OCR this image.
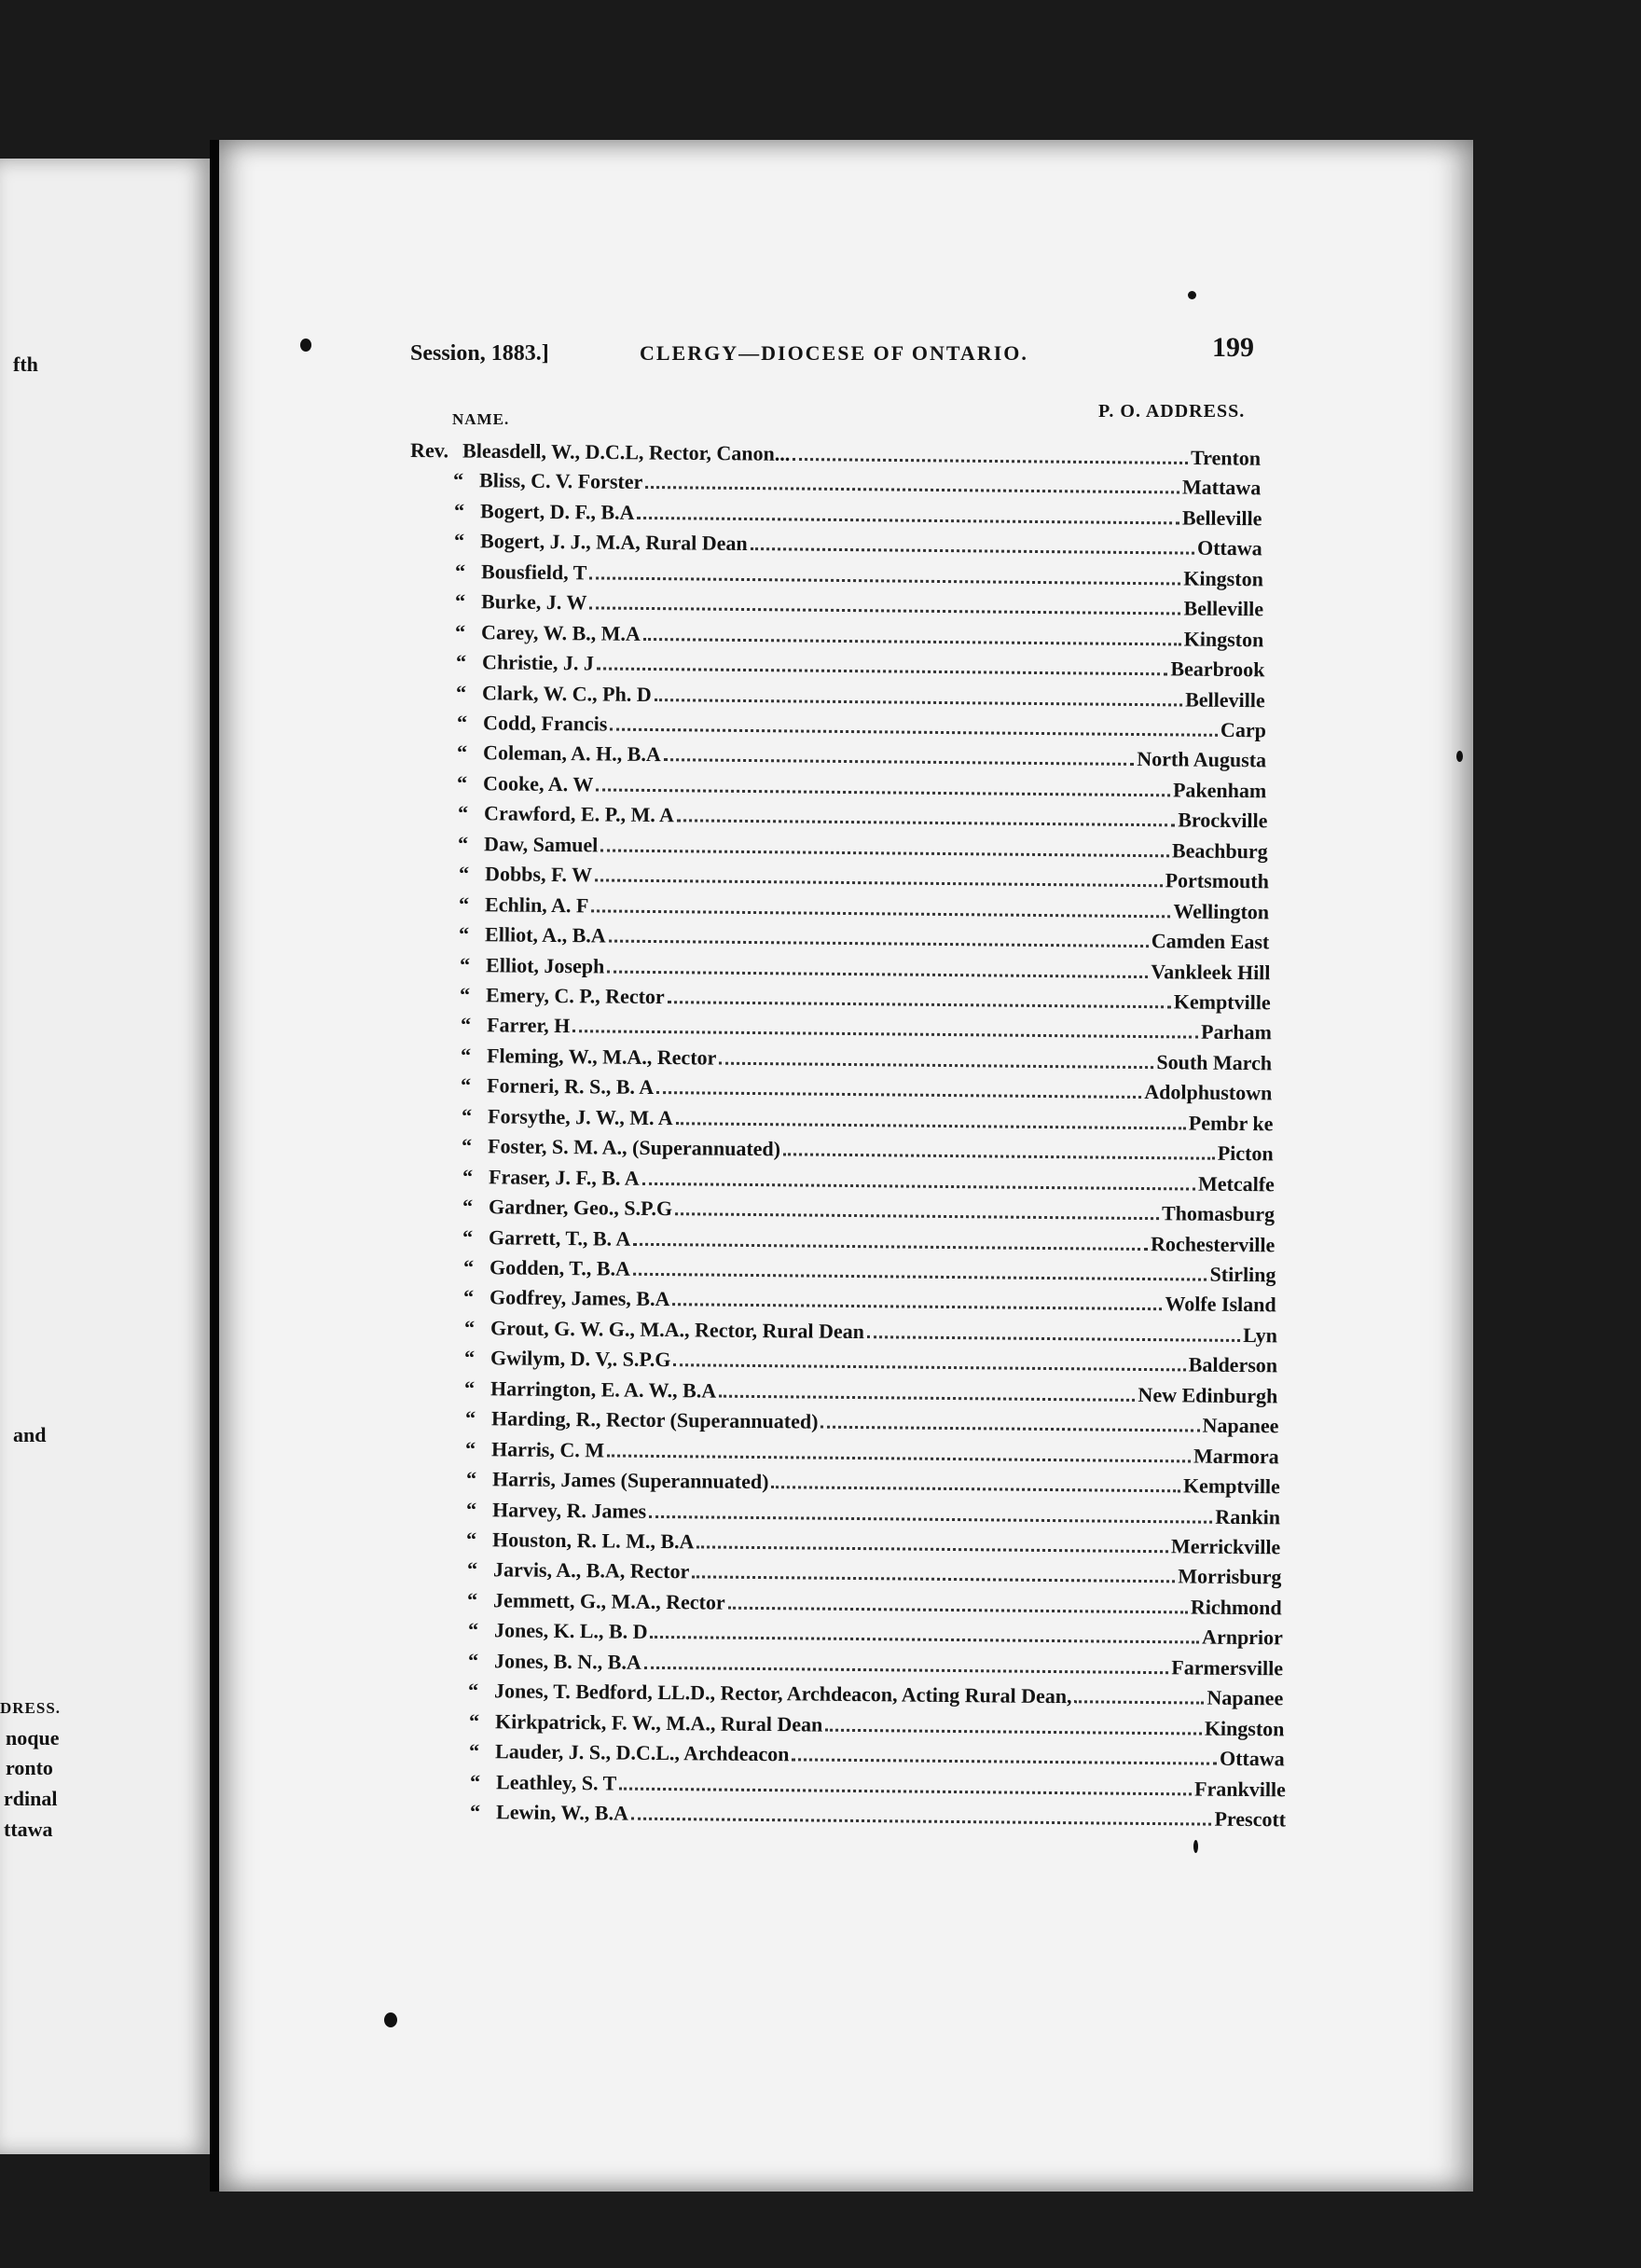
fth
and
DRESS.
noque
ronto
rdinal
ttawa
Session, 1883.]	CLERGY—DIOCESE OF ONTARIO.	199
NAME.	P. O. ADDRESS.
Rev. Bleasdell, W., D.C.L, Rector, Canon...	Trenton
“ Bliss, C. V. Forster	Mattawa
“ Bogert, D. F., B.A	Belleville
“ Bogert, J. J., M.A, Rural Dean	Ottawa
“ Bousfield, T	Kingston
“ Burke, J. W	Belleville
“ Carey, W. B., M.A	Kingston
“ Christie, J. J	Bearbrook
“ Clark, W. C., Ph. D	Belleville
“ Codd, Francis	Carp
“ Coleman, A. H., B.A	North Augusta
“ Cooke, A. W	Pakenham
“ Crawford, E. P., M. A	Brockville
“ Daw, Samuel	Beachburg
“ Dobbs, F. W	Portsmouth
“ Echlin, A. F	Wellington
“ Elliot, A., B.A	Camden East
“ Elliot, Joseph	Vankleek Hill
“ Emery, C. P., Rector	Kemptville
“ Farrer, H	Parham
“ Fleming, W., M.A., Rector	South March
“ Forneri, R. S., B. A	Adolphustown
“ Forsythe, J. W., M. A	Pembr ke
“ Foster, S. M. A., (Superannuated)	Picton
“ Fraser, J. F., B. A	Metcalfe
“ Gardner, Geo., S.P.G	Thomasburg
“ Garrett, T., B. A	Rochesterville
“ Godden, T., B.A	Stirling
“ Godfrey, James, B.A	Wolfe Island
“ Grout, G. W. G., M.A., Rector, Rural Dean	Lyn
“ Gwilym, D. V,. S.P.G	Balderson
“ Harrington, E. A. W., B.A	New Edinburgh
“ Harding, R., Rector (Superannuated)	Napanee
“ Harris, C. M	Marmora
“ Harris, James (Superannuated)	Kemptville
“ Harvey, R. James	Rankin
“ Houston, R. L. M., B.A	Merrickville
“ Jarvis, A., B.A, Rector	Morrisburg
“ Jemmett, G., M.A., Rector	Richmond
“ Jones, K. L., B. D	Arnprior
“ Jones, B. N., B.A	Farmersville
“ Jones, T. Bedford, LL.D., Rector, Archdeacon, Acting Rural Dean,	Napanee
“ Kirkpatrick, F. W., M.A., Rural Dean	Kingston
“ Lauder, J. S., D.C.L., Archdeacon	Ottawa
“ Leathley, S. T	Frankville
“ Lewin, W., B.A	Prescott
